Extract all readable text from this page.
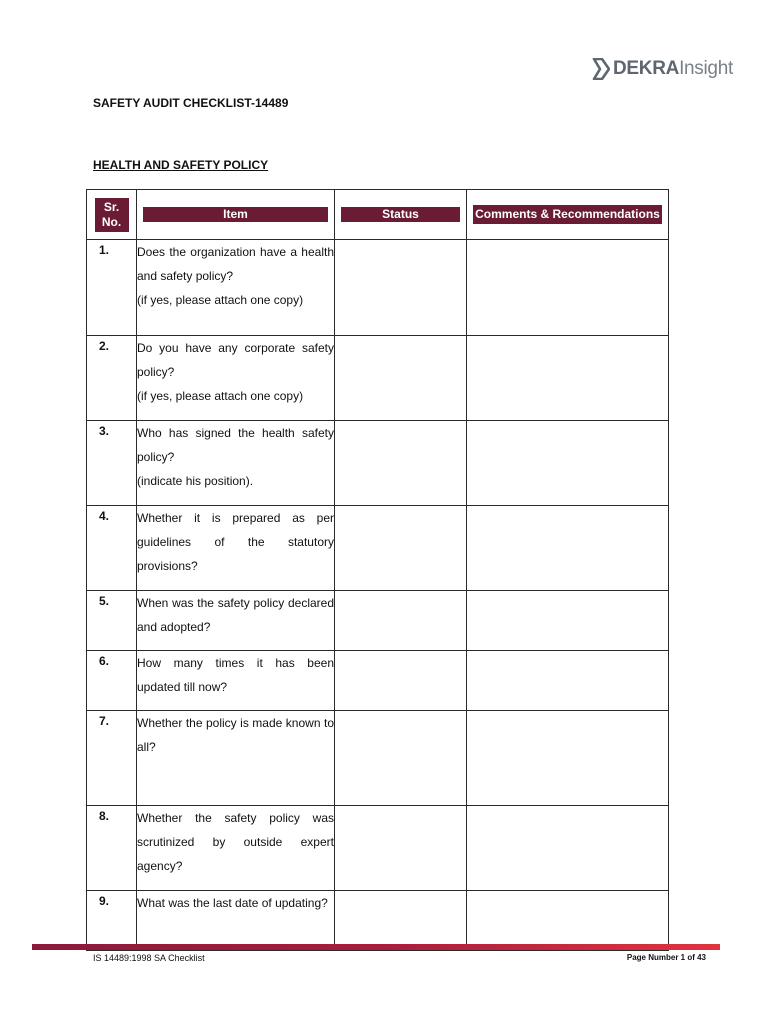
DEKRAInsight
SAFETY AUDIT CHECKLIST-14489
HEALTH AND SAFETY POLICY
Sr. No.	Item	Status	Comments & Recommendations

1.	Does the organization have a health and safety policy?
(if yes, please attach one copy)		

2.	Do you have any corporate safety policy?
(if yes, please attach one copy)		

3.	Who has signed the health safety policy?
(indicate his position).		

4.	Whether it is prepared as per guidelines of the statutory provisions?		

5.	When was the safety policy declared and adopted?		

6.	How many times it has been updated till now?		

7.	Whether the policy is made known to all?		

8.	Whether the safety policy was scrutinized by outside expert agency?		

9.	What was the last date of updating?		

IS 14489:1998 SA Checklist	Page Number 1 of 43
